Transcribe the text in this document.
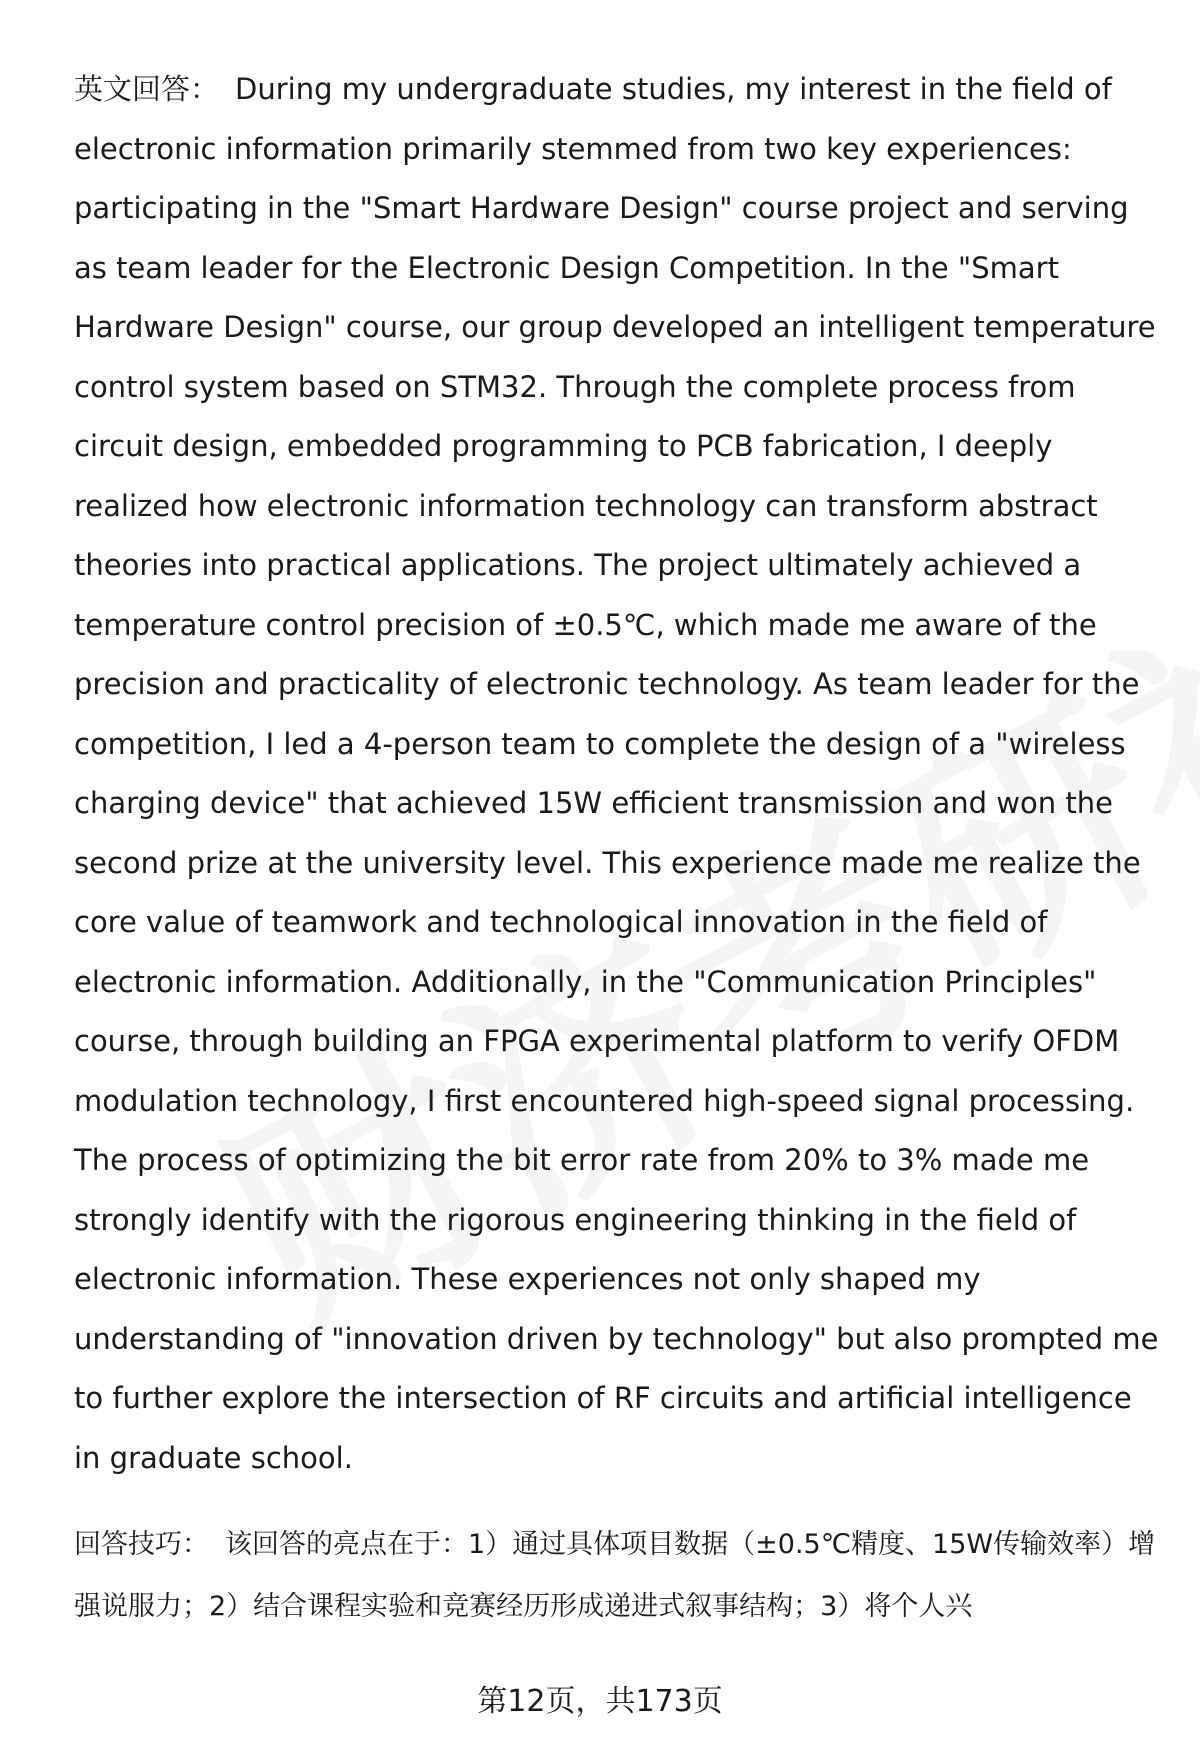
英文回答： During my undergraduate studies, my interest in the field of electronic information primarily stemmed from two key experiences: participating in the "Smart Hardware Design" course project and serving as team leader for the Electronic Design Competition. In the "Smart Hardware Design" course, our group developed an intelligent temperature control system based on STM32. Through the complete process from circuit design, embedded programming to PCB fabrication, I deeply realized how electronic information technology can transform abstract theories into practical applications. The project ultimately achieved a temperature control precision of ±0.5℃, which made me aware of the precision and practicality of electronic technology. As team leader for the competition, I led a 4-person team to complete the design of a "wireless charging device" that achieved 15W efficient transmission and won the second prize at the university level. This experience made me realize the core value of teamwork and technological innovation in the field of electronic information. Additionally, in the "Communication Principles" course, through building an FPGA experimental platform to verify OFDM modulation technology, I first encountered high-speed signal processing. The process of optimizing the bit error rate from 20% to 3% made me strongly identify with the rigorous engineering thinking in the field of electronic information. These experiences not only shaped my understanding of "innovation driven by technology" but also prompted me to further explore the intersection of RF circuits and artificial intelligence in graduate school.

回答技巧： 该回答的亮点在于：1）通过具体项目数据（±0.5℃精度、15W传输效率）增强说服力；2）结合课程实验和竞赛经历形成递进式叙事结构；3）将个人兴

第12页，共173页
